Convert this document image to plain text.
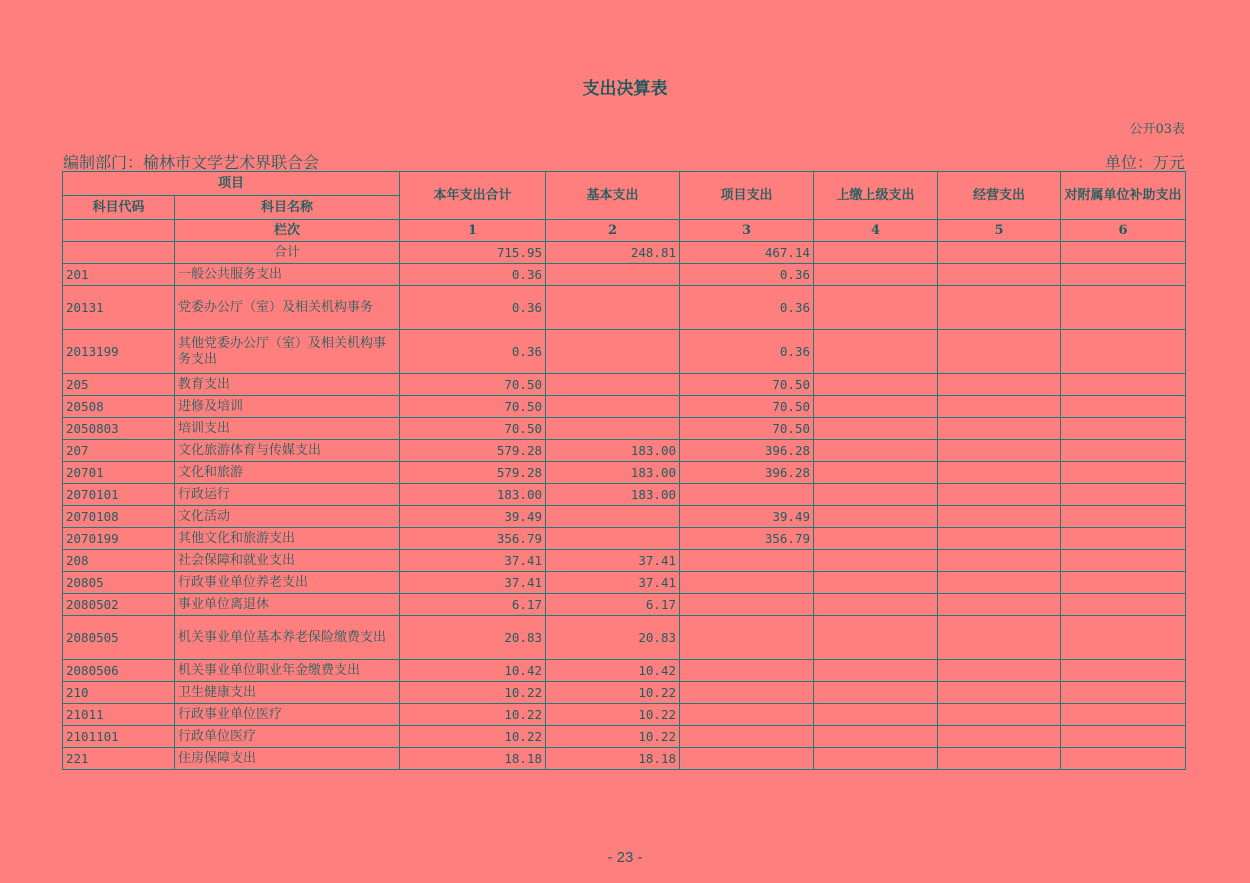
支出决算表
公开03表
编制部门：榆林市文学艺术界联合会	单位：万元
项目		本年支出合计	基本支出	项目支出	上缴上级支出	经营支出	对附属单位补助支出
科目代码	科目名称						
	栏次	1	2	3	4	5	6
	合计	715.95	248.81	467.14			
201	一般公共服务支出	0.36		0.36			
20131	党委办公厅（室）及相关机构事务	0.36		0.36			
2013199	其他党委办公厅（室）及相关机构事务支出	0.36		0.36			
205	教育支出	70.50		70.50			
20508	进修及培训	70.50		70.50			
2050803	培训支出	70.50		70.50			
207	文化旅游体育与传媒支出	579.28	183.00	396.28			
20701	文化和旅游	579.28	183.00	396.28			
2070101	行政运行	183.00	183.00				
2070108	文化活动	39.49		39.49			
2070199	其他文化和旅游支出	356.79		356.79			
208	社会保障和就业支出	37.41	37.41				
20805	行政事业单位养老支出	37.41	37.41				
2080502	事业单位离退休	6.17	6.17				
2080505	机关事业单位基本养老保险缴费支出	20.83	20.83				
2080506	机关事业单位职业年金缴费支出	10.42	10.42				
210	卫生健康支出	10.22	10.22				
21011	行政事业单位医疗	10.22	10.22				
2101101	行政单位医疗	10.22	10.22				
221	住房保障支出	18.18	18.18				
- 23 -
